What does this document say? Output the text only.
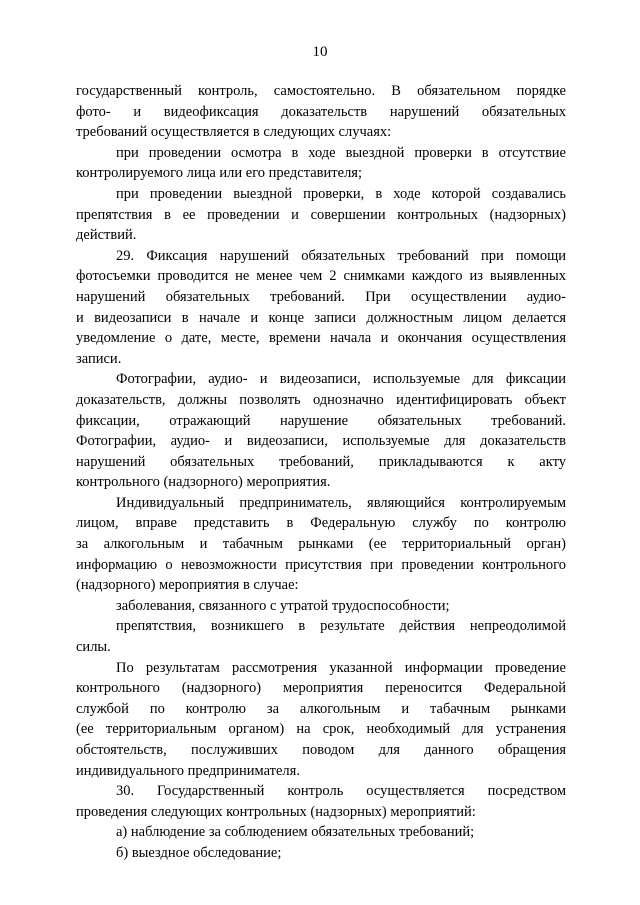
10
государственный контроль, самостоятельно. В обязательном порядке
фото- и видеофиксация доказательств нарушений обязательных
требований осуществляется в следующих случаях:
при проведении осмотра в ходе выездной проверки в отсутствие
контролируемого лица или его представителя;
при проведении выездной проверки, в ходе которой создавались
препятствия в ее проведении и совершении контрольных (надзорных)
действий.
29. Фиксация нарушений обязательных требований при помощи
фотосъемки проводится не менее чем 2 снимками каждого из выявленных
нарушений обязательных требований. При осуществлении аудио-
и видеозаписи в начале и конце записи должностным лицом делается
уведомление о дате, месте, времени начала и окончания осуществления
записи.
Фотографии, аудио- и видеозаписи, используемые для фиксации
доказательств, должны позволять однозначно идентифицировать объект
фиксации, отражающий нарушение обязательных требований.
Фотографии, аудио- и видеозаписи, используемые для доказательств
нарушений обязательных требований, прикладываются к акту
контрольного (надзорного) мероприятия.
Индивидуальный предприниматель, являющийся контролируемым
лицом, вправе представить в Федеральную службу по контролю
за алкогольным и табачным рынками (ее территориальный орган)
информацию о невозможности присутствия при проведении контрольного
(надзорного) мероприятия в случае:
заболевания, связанного с утратой трудоспособности;
препятствия, возникшего в результате действия непреодолимой
силы.
По результатам рассмотрения указанной информации проведение
контрольного (надзорного) мероприятия переносится Федеральной
службой по контролю за алкогольным и табачным рынками
(ее территориальным органом) на срок, необходимый для устранения
обстоятельств, послуживших поводом для данного обращения
индивидуального предпринимателя.
30. Государственный контроль осуществляется посредством
проведения следующих контрольных (надзорных) мероприятий:
а) наблюдение за соблюдением обязательных требований;
б) выездное обследование;
